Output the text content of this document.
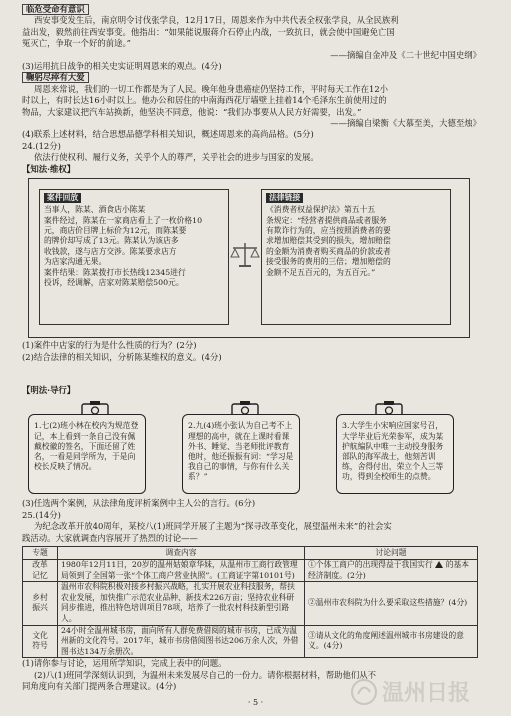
临危受命有意识
西安事变发生后，南京明令讨伐张学良，12月17日，周恩来作为中共代表全权张学良，从全民族利
益出发，毅然前往西安事变。他指出：“如果能说服蒋介石停止内战，一致抗日，就会使中国避免亡国
冤灭亡，争取一个好的前途。”
——摘编自金冲及《二十世纪中国史纲》
(3)运用抗日战争的相关史实证明周恩来的观点。(4分)
鞠躬尽瘁有大爱
周恩来常说，我们的一切工作都是为了人民。晚年他身患癌症仍坚持工作，平时每天工作在12小
时以上，有时长达16小时以上。他办公和居住的中南海西花厅墙壁上挂着14个毛泽东生前使用过的
物品，大家建议把汽车站换新，他坚决不同意，他说：“我们办事要从人民方好需要，出发。”
——摘编自梁衡《大慕至美，大德至烛》
(4)联系上述材料，结合思想品德学科相关知识，概述周恩来的高尚品格。(5分)
24.(12分)
依法行使权利、履行义务，关乎个人的尊严，关乎社会的进步与国家的发展。
【知法·维权】
案件回放
当事人，陈某、酒食店小陈某
案件经过，陈某在一家商店看上了一枚价格10
元，商店价目牌上标价为12元，而陈某要
的牌价却写成了13元。陈某认为该店多
收钱款，遂与店方交涉。陈某要求店方
为店家沟通无果。
案件结果：陈某拨打市长热线12345进行
投诉，经调解，店家对陈某赔偿500元。
法律链接
《消费者权益保护法》第五十五
条规定：“经营者提供商品或者服务
有欺诈行为的，应当按照消费者的要
求增加赔偿其受到的损失，增加赔偿
的金额为消费者购买商品的价款或者
接受服务的费用的三倍；增加赔偿的
金额不足五百元的，为五百元。”
(1)案件中店家的行为是什么性质的行为？(2分)
(2)结合法律的相关知识，分析陈某维权的意义。(4分)
【明法·导行】
1.七(2)班小林在校内为规范登记，本上看到一条自己没有佩戴校徽的签名，下面还留了姓名，一看是同学所为，于是向校长反映了情况。
2.九(4)班小张认为自己考不上理想的高中，就在上课时看课外书、睡觉、当老师批评教育他时，他还振振有词：“学习是我自己的事情，与你有什么关系？”
3.大学生小宋响应国家号召，大学毕业后光荣参军，成为某护航编队中唯一主动投身服务部队的海军战士，他刻苦训练，舍得付出，荣立个人三等功，得到全校师生的点赞。
(3)任选两个案例，从法律角度评析案例中主人公的言行。(6分)
25.(14分)
为纪念改革开放40周年，某校八(1)班同学开展了主题为“探寻改革变化，展望温州未来”的社会实
践活动。大家就调查内容展开了热烈的讨论——
专题	调查内容	讨论问题
改革
记忆	1980年12月11日，20岁的温州姑娘章华妹，从温州市工商行政管理局领到了全国第一张“个体工商户营业执照”。(工商证字第10101号)	①个体工商户的出现得益于我国实行 的基本经济制度。(2分)
乡村
振兴	温州市农科院积极对接乡村振兴战略，扎实开展农业科技服务，帮扶农业发展，加快推广示范农业品种、新技术226万亩；坚持农业科研同步推进，推出特色培训项目78项，培养了一批农村科技新型引路人。	②温州市农科院为什么要采取这些措施？(4分)
文化
符号	24小时全温州城书房，面向所有人群免费借阅的城市书房，已成为温州新的文化符号。2017年，城市书房借阅图书达206万余人次，外借图书达134万余册次。	③请从文化的角度阐述温州城市书房建设的意义。(4分)
(1)请你参与讨论，运用所学知识，完成上表中的问题。
(2)八(1)班同学深刻认识到，为温州未来发展尽自己的一份力。请你根据材料，帮助他们从不
同角度向有关部门提两条合理建议。(4分)
· 5 ·	温州日报
